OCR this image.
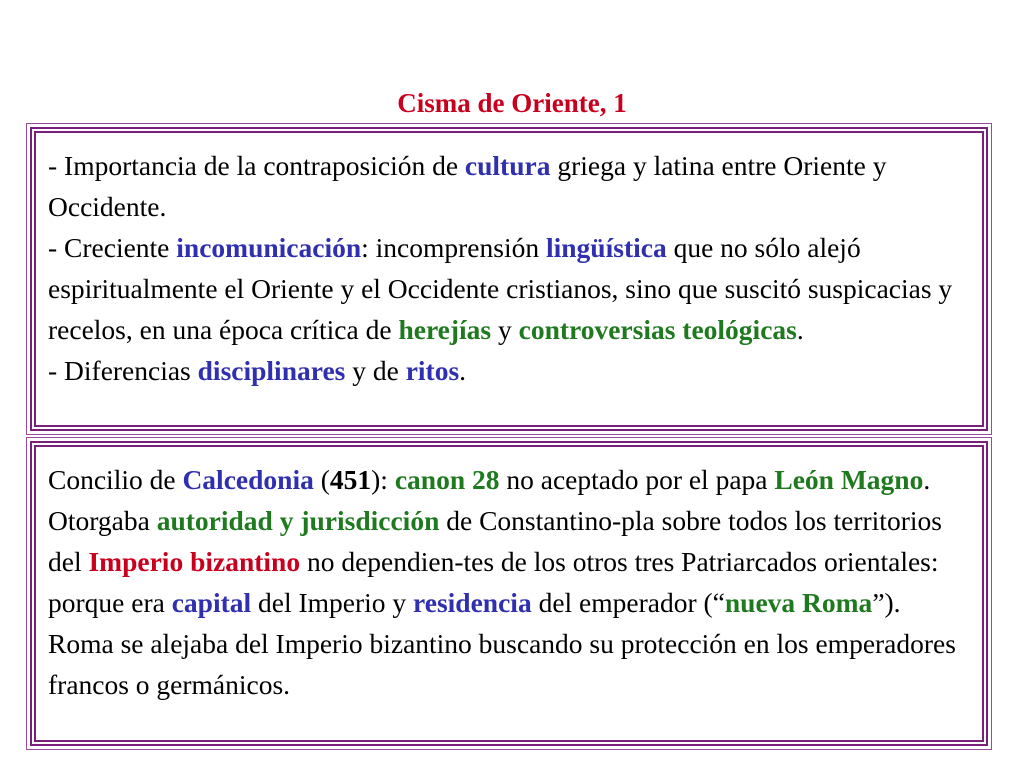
Cisma de Oriente, 1

- Importancia de la contraposición de cultura griega y latina entre Oriente y Occidente.

- Creciente incomunicación: incomprensión lingüística que no sólo alejó espiritualmente el Oriente y el Occidente cristianos, sino que suscitó suspicacias y recelos, en una época crítica de herejías y controversias teológicas.

- Diferencias disciplinares y de ritos.

Concilio de Calcedonia (451): canon 28 no aceptado por el papa León Magno. Otorgaba autoridad y jurisdicción de Constantino-pla sobre todos los territorios del Imperio bizantino no dependien-tes de los otros tres Patriarcados orientales: porque era capital del Imperio y residencia del emperador (“nueva Roma”). Roma se alejaba del Imperio bizantino buscando su protección en los emperadores francos o germánicos.
